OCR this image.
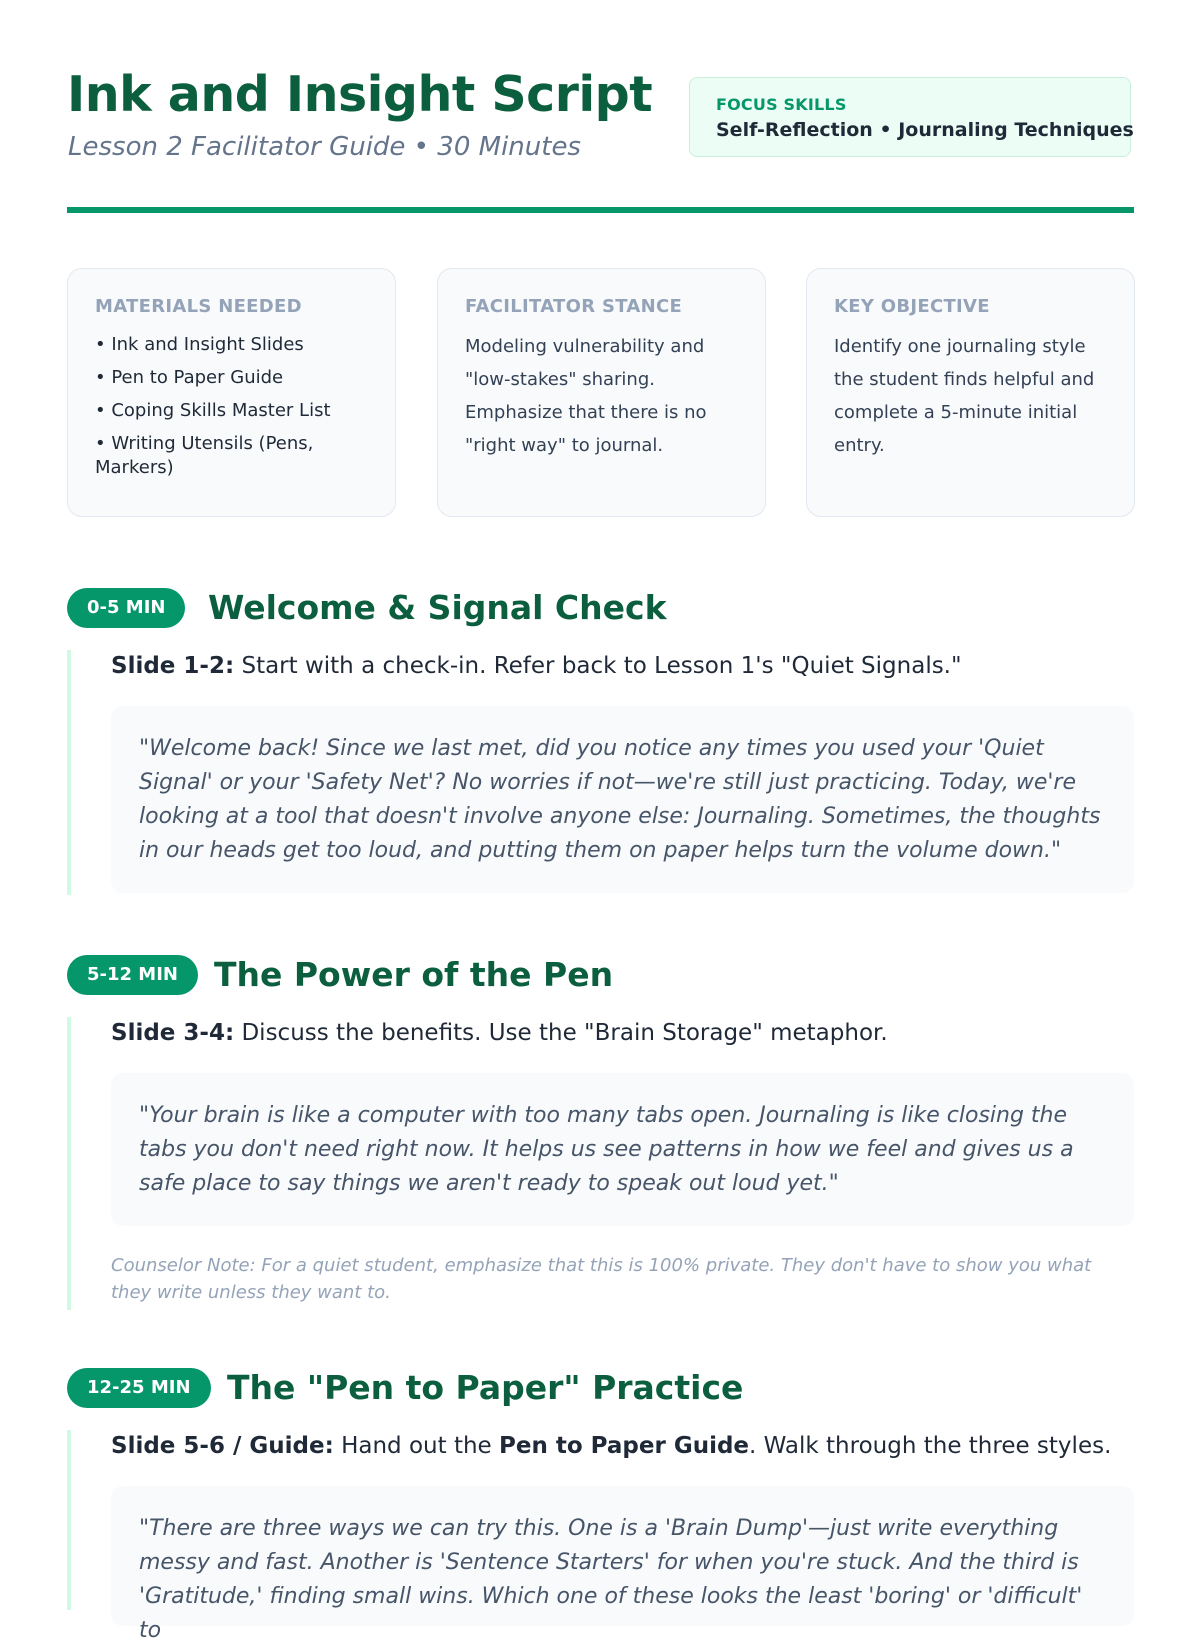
Ink and Insight Script
Lesson 2 Facilitator Guide • 30 Minutes
FOCUS SKILLS
Self-Reflection • Journaling Techniques
MATERIALS NEEDED
• Ink and Insight Slides
• Pen to Paper Guide
• Coping Skills Master List
• Writing Utensils (Pens, Markers)
FACILITATOR STANCE
Modeling vulnerability and "low-stakes" sharing. Emphasize that there is no "right way" to journal.
KEY OBJECTIVE
Identify one journaling style the student finds helpful and complete a 5-minute initial entry.
0-5 MIN	Welcome & Signal Check
Slide 1-2: Start with a check-in. Refer back to Lesson 1's "Quiet Signals."
"Welcome back! Since we last met, did you notice any times you used your 'Quiet Signal' or your 'Safety Net'? No worries if not—we're still just practicing. Today, we're looking at a tool that doesn't involve anyone else: Journaling. Sometimes, the thoughts in our heads get too loud, and putting them on paper helps turn the volume down."
5-12 MIN	The Power of the Pen
Slide 3-4: Discuss the benefits. Use the "Brain Storage" metaphor.
"Your brain is like a computer with too many tabs open. Journaling is like closing the tabs you don't need right now. It helps us see patterns in how we feel and gives us a safe place to say things we aren't ready to speak out loud yet."
Counselor Note: For a quiet student, emphasize that this is 100% private. They don't have to show you what they write unless they want to.
12-25 MIN	The "Pen to Paper" Practice
Slide 5-6 / Guide: Hand out the Pen to Paper Guide. Walk through the three styles.
"There are three ways we can try this. One is a 'Brain Dump'—just write everything messy and fast. Another is 'Sentence Starters' for when you're stuck. And the third is 'Gratitude,' finding small wins. Which one of these looks the least 'boring' or 'difficult' to
